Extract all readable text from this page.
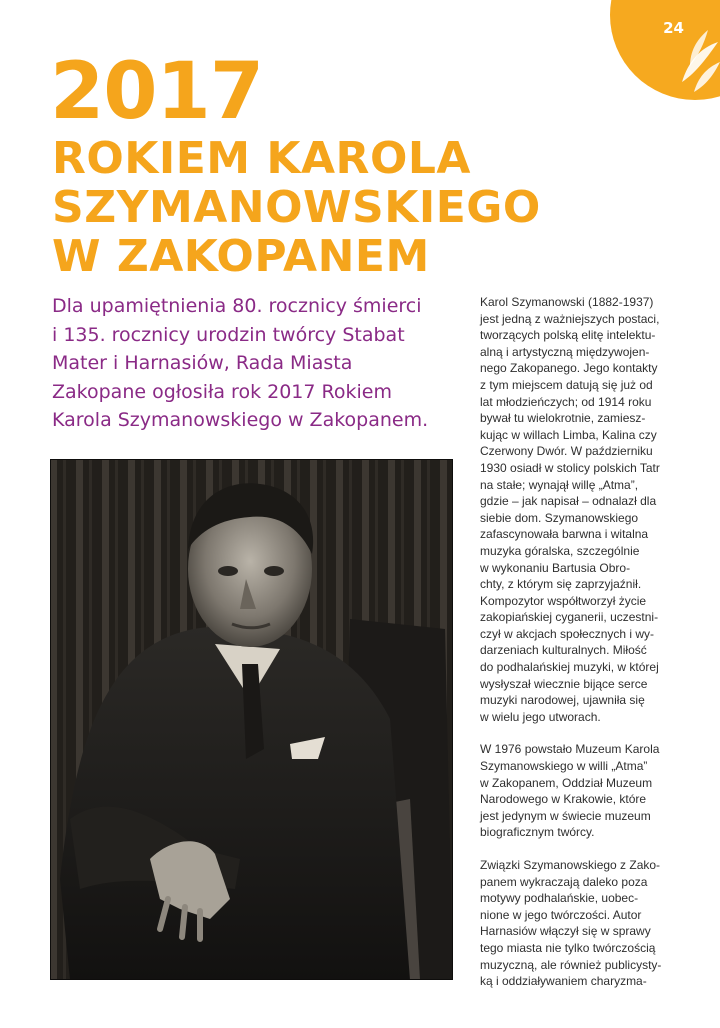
24
2017
ROKIEM KAROLA
SZYMANOWSKIEGO
W ZAKOPANEM
Dla upamiętnienia 80. rocznicy śmierci
i 135. rocznicy urodzin twórcy Stabat
Mater i Harnasiów, Rada Miasta
Zakopane ogłosiła rok 2017 Rokiem
Karola Szymanowskiego w Zakopanem.
Karol Szymanowski (1882-1937)
jest jedną z ważniejszych postaci,
tworzących polską elitę intelektu-
alną i artystyczną międzywojen-
nego Zakopanego. Jego kontakty
z tym miejscem datują się już od
lat młodzieńczych; od 1914 roku
bywał tu wielokrotnie, zamiesz-
kując w willach Limba, Kalina czy
Czerwony Dwór. W październiku
1930 osiadł w stolicy polskich Tatr
na stałe; wynajął willę „Atma”,
gdzie – jak napisał – odnalazł dla
siebie dom. Szymanowskiego
zafascynowała barwna i witalna
muzyka góralska, szczególnie
w wykonaniu Bartusia Obro-
chty, z którym się zaprzyjaźnił.
Kompozytor współtworzył życie
zakopiańskiej cyganerii, uczestni-
czył w akcjach społecznych i wy-
darzeniach kulturalnych. Miłość
do podhalańskiej muzyki, w której
wysłyszał wiecznie bijące serce
muzyki narodowej, ujawniła się
w wielu jego utworach.
W 1976 powstało Muzeum Karola
Szymanowskiego w willi „Atma”
w Zakopanem, Oddział Muzeum
Narodowego w Krakowie, które
jest jedynym w świecie muzeum
biograficznym twórcy.
Związki Szymanowskiego z Zako-
panem wykraczają daleko poza
motywy podhalańskie, uobec-
nione w jego twórczości. Autor
Harnasiów włączył się w sprawy
tego miasta nie tylko twórczością
muzyczną, ale również publicysty-
ką i oddziaływaniem charyzma-
